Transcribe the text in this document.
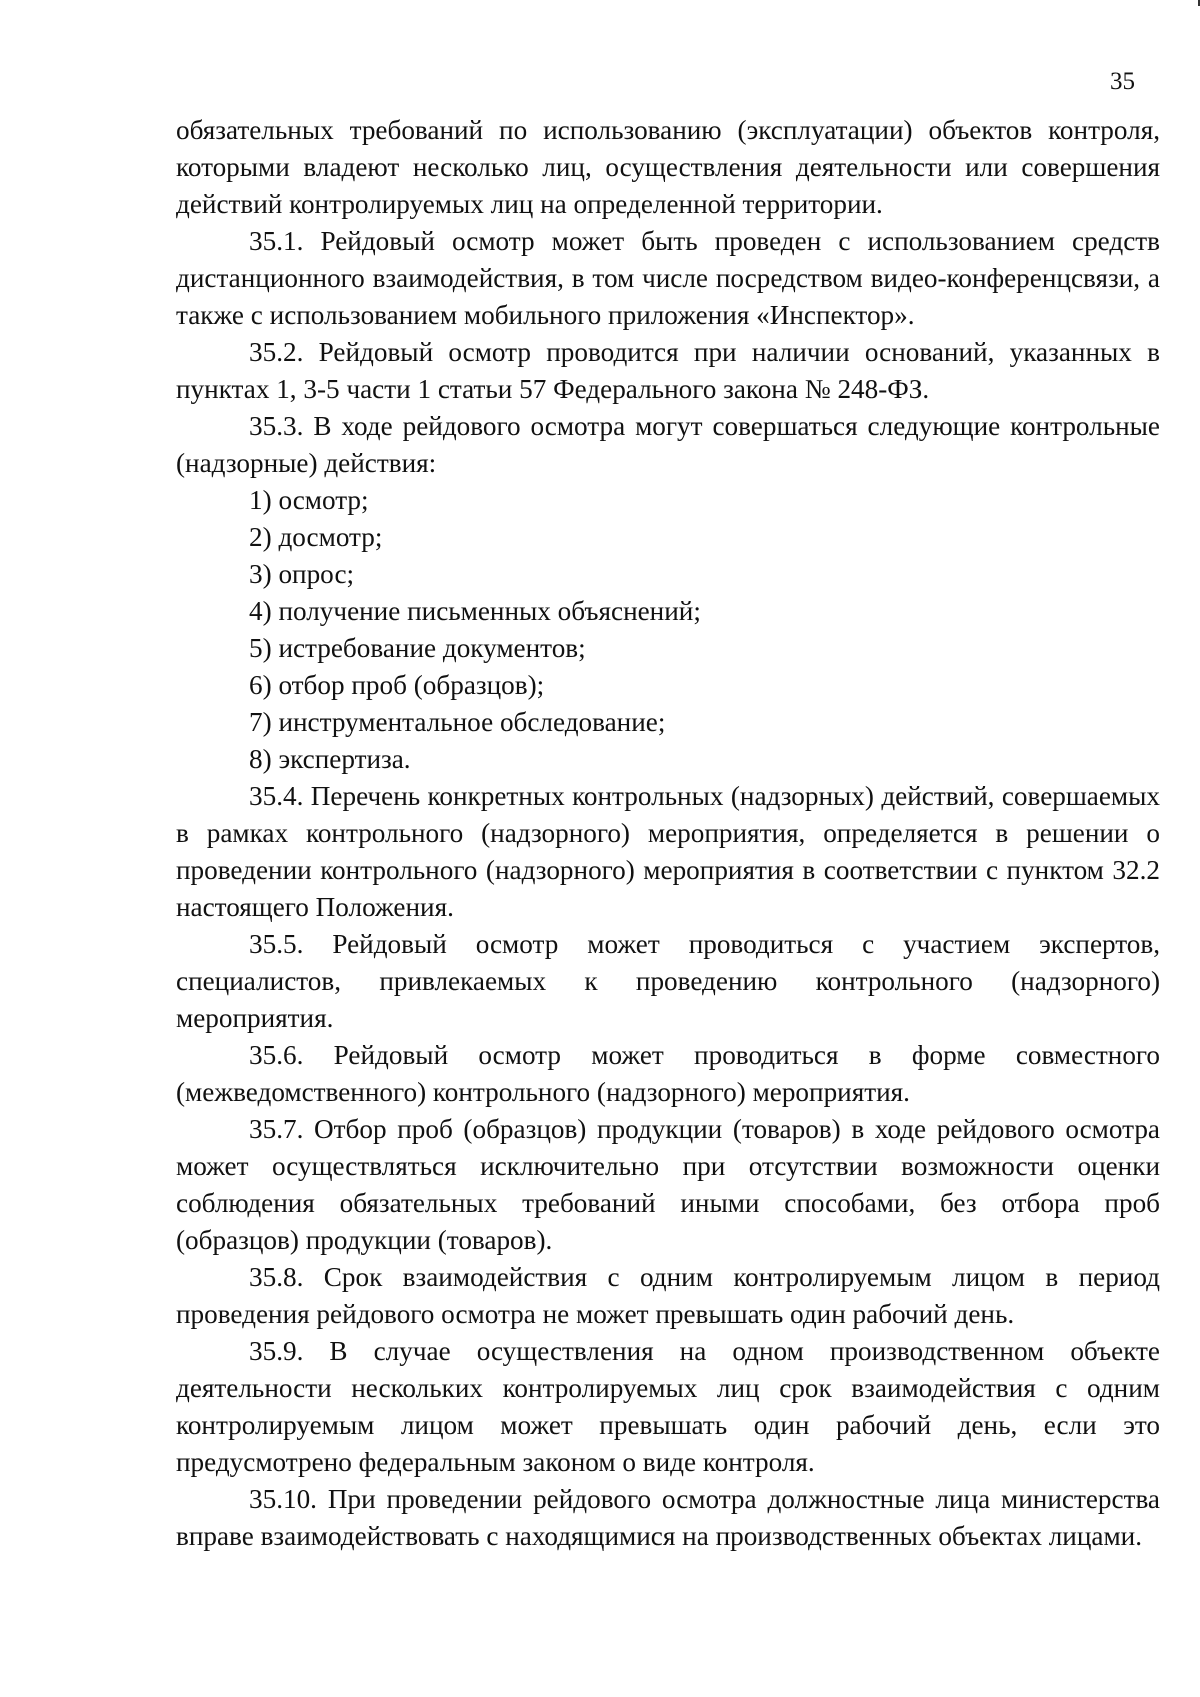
35

обязательных требований по использованию (эксплуатации) объектов контроля, которыми владеют несколько лиц, осуществления деятельности или совершения действий контролируемых лиц на определенной территории.

35.1. Рейдовый осмотр может быть проведен с использованием средств дистанционного взаимодействия, в том числе посредством видео-конференцсвязи, а также с использованием мобильного приложения «Инспектор».

35.2. Рейдовый осмотр проводится при наличии оснований, указанных в пунктах 1, 3-5 части 1 статьи 57 Федерального закона № 248-ФЗ.

35.3. В ходе рейдового осмотра могут совершаться следующие контрольные (надзорные) действия:

1) осмотр;

2) досмотр;

3) опрос;

4) получение письменных объяснений;

5) истребование документов;

6) отбор проб (образцов);

7) инструментальное обследование;

8) экспертиза.

35.4. Перечень конкретных контрольных (надзорных) действий, совершаемых в рамках контрольного (надзорного) мероприятия, определяется в решении о проведении контрольного (надзорного) мероприятия в соответствии с пунктом 32.2 настоящего Положения.

35.5. Рейдовый осмотр может проводиться с участием экспертов, специалистов, привлекаемых к проведению контрольного (надзорного) мероприятия.

35.6. Рейдовый осмотр может проводиться в форме совместного (межведомственного) контрольного (надзорного) мероприятия.

35.7. Отбор проб (образцов) продукции (товаров) в ходе рейдового осмотра может осуществляться исключительно при отсутствии возможности оценки соблюдения обязательных требований иными способами, без отбора проб (образцов) продукции (товаров).

35.8. Срок взаимодействия с одним контролируемым лицом в период проведения рейдового осмотра не может превышать один рабочий день.

35.9. В случае осуществления на одном производственном объекте деятельности нескольких контролируемых лиц срок взаимодействия с одним контролируемым лицом может превышать один рабочий день, если это предусмотрено федеральным законом о виде контроля.

35.10. При проведении рейдового осмотра должностные лица министерства вправе взаимодействовать с находящимися на производственных объектах лицами.
